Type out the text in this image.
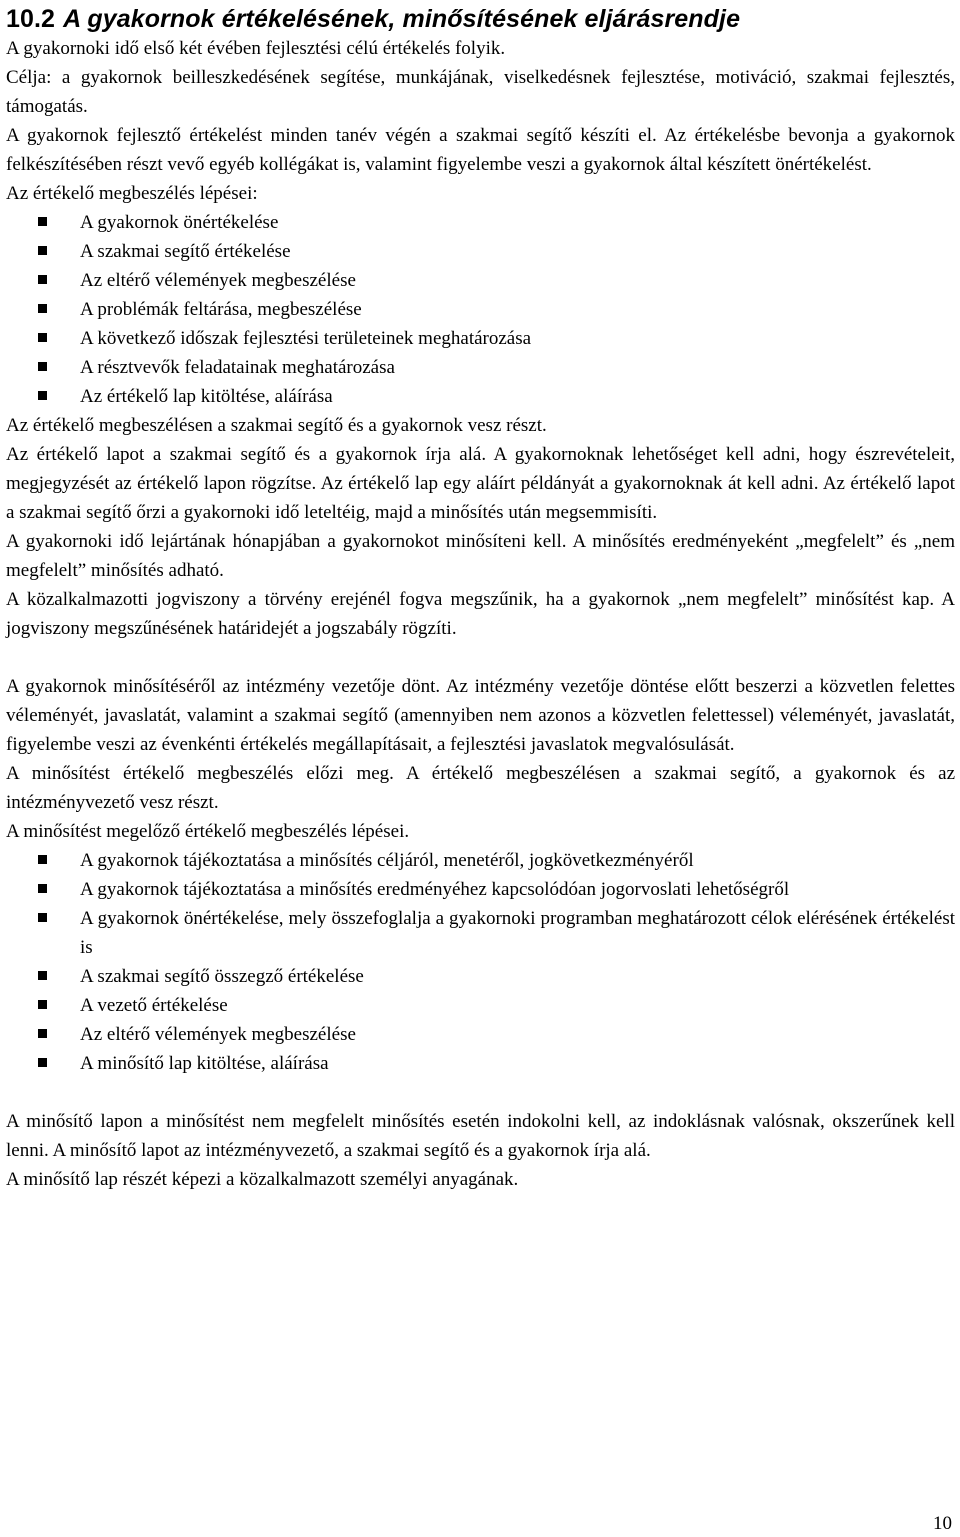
10.2 A gyakornok értékelésének, minősítésének eljárásrendje

A gyakornoki idő első két évében fejlesztési célú értékelés folyik.

Célja: a gyakornok beilleszkedésének segítése, munkájának, viselkedésnek fejlesztése, motiváció, szakmai fejlesztés, támogatás.

A gyakornok fejlesztő értékelést minden tanév végén a szakmai segítő készíti el. Az értékelésbe bevonja a gyakornok felkészítésében részt vevő egyéb kollégákat is, valamint figyelembe veszi a gyakornok által készített önértékelést.

Az értékelő megbeszélés lépései:

A gyakornok önértékelése
A szakmai segítő értékelése
Az eltérő vélemények megbeszélése
A problémák feltárása, megbeszélése
A következő időszak fejlesztési területeinek meghatározása
A résztvevők feladatainak meghatározása
Az értékelő lap kitöltése, aláírása

Az értékelő megbeszélésen a szakmai segítő és a gyakornok vesz részt.

Az értékelő lapot a szakmai segítő és a gyakornok írja alá. A gyakornoknak lehetőséget kell adni, hogy észrevételeit, megjegyzését az értékelő lapon rögzítse. Az értékelő lap egy aláírt példányát a gyakornoknak át kell adni. Az értékelő lapot a szakmai segítő őrzi a gyakornoki idő leteltéig, majd a minősítés után megsemmisíti.

A gyakornoki idő lejártának hónapjában a gyakornokot minősíteni kell. A minősítés eredményeként „megfelelt” és „nem megfelelt” minősítés adható.

A közalkalmazotti jogviszony a törvény erejénél fogva megszűnik, ha a gyakornok „nem megfelelt” minősítést kap. A jogviszony megszűnésének határidejét a jogszabály rögzíti.

A gyakornok minősítéséről az intézmény vezetője dönt. Az intézmény vezetője döntése előtt beszerzi a közvetlen felettes véleményét, javaslatát, valamint a szakmai segítő (amennyiben nem azonos a közvetlen felettessel) véleményét, javaslatát, figyelembe veszi az évenkénti értékelés megállapításait, a fejlesztési javaslatok megvalósulását.

A minősítést értékelő megbeszélés előzi meg. A értékelő megbeszélésen a szakmai segítő, a gyakornok és az intézményvezető vesz részt.

A minősítést megelőző értékelő megbeszélés lépései.

A gyakornok tájékoztatása a minősítés céljáról, menetéről, jogkövetkezményéről
A gyakornok tájékoztatása a minősítés eredményéhez kapcsolódóan jogorvoslati lehetőségről
A gyakornok önértékelése, mely összefoglalja a gyakornoki programban meghatározott célok elérésének értékelést is
A szakmai segítő összegző értékelése
A vezető értékelése
Az eltérő vélemények megbeszélése
A minősítő lap kitöltése, aláírása

A minősítő lapon a minősítést nem megfelelt minősítés esetén indokolni kell, az indoklásnak valósnak, okszerűnek kell lenni. A minősítő lapot az intézményvezető, a szakmai segítő és a gyakornok írja alá.

A minősítő lap részét képezi a közalkalmazott személyi anyagának.

10
